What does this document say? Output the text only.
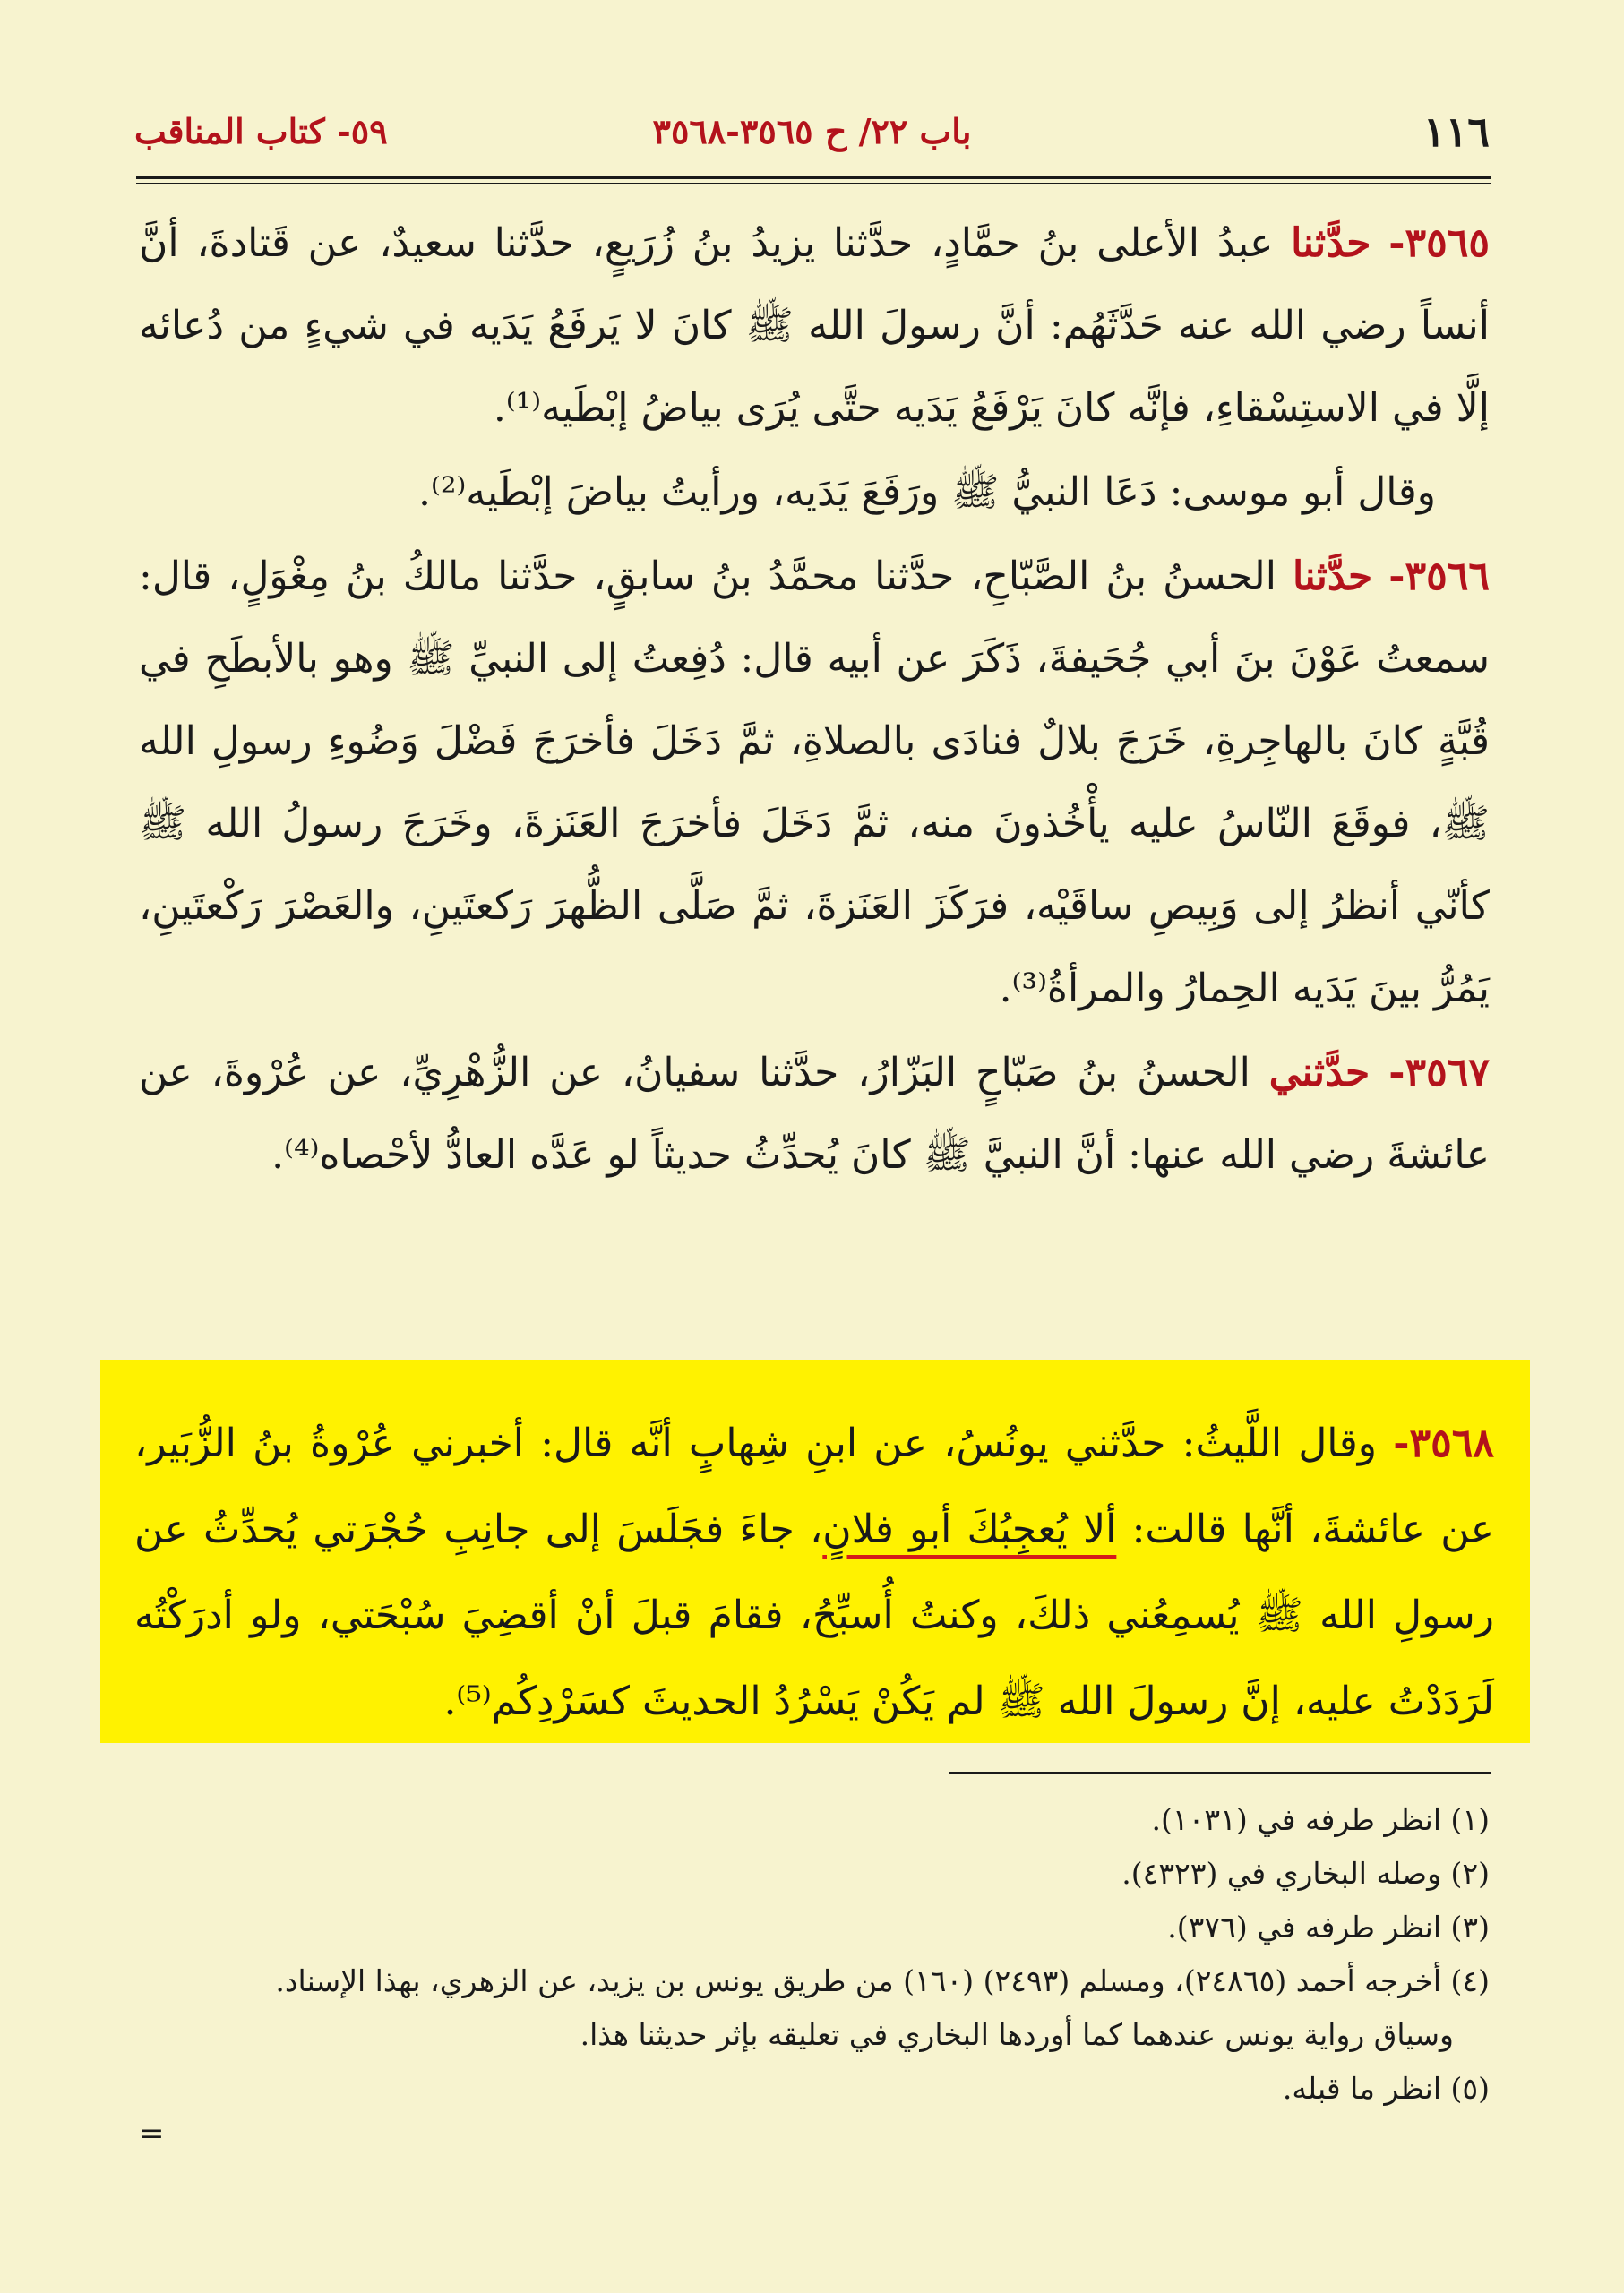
١١٦
باب ٢٢/ ح ٣٥٦٥-٣٥٦٨
٥٩- كتاب المناقب

٣٥٦٥- حدَّثنا عبدُ الأعلى بنُ حمَّادٍ، حدَّثنا يزيدُ بنُ زُرَيعٍ، حدَّثنا سعيدٌ، عن قَتادةَ، أنَّ أنساً رضي الله عنه حَدَّثَهُم: أنَّ رسولَ الله ﷺ كانَ لا يَرفَعُ يَدَيه في شيءٍ من دُعائه إلَّا في الاستِسْقاءِ، فإنَّه كانَ يَرْفَعُ يَدَيه حتَّى يُرَى بياضُ إبْطَيه⁽¹⁾.

وقال أبو موسى: دَعَا النبيُّ ﷺ ورَفَعَ يَدَيه، ورأيتُ بياضَ إبْطَيه⁽²⁾.

٣٥٦٦- حدَّثنا الحسنُ بنُ الصَّبّاحِ، حدَّثنا محمَّدُ بنُ سابقٍ، حدَّثنا مالكُ بنُ مِغْوَلٍ، قال: سمعتُ عَوْنَ بنَ أبي جُحَيفةَ، ذَكَرَ عن أبيه قال: دُفِعتُ إلى النبيِّ ﷺ وهو بالأبطَحِ في قُبَّةٍ كانَ بالهاجِرةِ، خَرَجَ بلالٌ فنادَى بالصلاةِ، ثمَّ دَخَلَ فأخرَجَ فَضْلَ وَضُوءِ رسولِ الله ﷺ، فوقَعَ النّاسُ عليه يأْخُذونَ منه، ثمَّ دَخَلَ فأخرَجَ العَنَزةَ، وخَرَجَ رسولُ الله ﷺ كأنّي أنظرُ إلى وَبِيصِ ساقَيْه، فرَكَزَ العَنَزةَ، ثمَّ صَلَّى الظُّهرَ رَكعتَينِ، والعَصْرَ رَكْعتَينِ، يَمُرُّ بينَ يَدَيه الحِمارُ والمرأةُ⁽³⁾.

٣٥٦٧- حدَّثني الحسنُ بنُ صَبّاحٍ البَزّارُ، حدَّثنا سفيانُ، عن الزُّهْرِيِّ، عن عُرْوةَ، عن عائشةَ رضي الله عنها: أنَّ النبيَّ ﷺ كانَ يُحدِّثُ حديثاً لو عَدَّه العادُّ لأحْصاه⁽⁴⁾.

٣٥٦٨- وقال اللَّيثُ: حدَّثني يونُسُ، عن ابنِ شِهابٍ أنَّه قال: أخبرني عُرْوةُ بنُ الزُّبَير، عن عائشةَ، أنَّها قالت: ألا يُعجِبُكَ أبو فلانٍ، جاءَ فجَلَسَ إلى جانِبِ حُجْرَتي يُحدِّثُ عن رسولِ الله ﷺ يُسمِعُني ذلكَ، وكنتُ أُسبِّحُ، فقامَ قبلَ أنْ أقضِيَ سُبْحَتي، ولو أدرَكْتُه لَرَدَدْتُ عليه، إنَّ رسولَ الله ﷺ لم يَكُنْ يَسْرُدُ الحديثَ كسَرْدِكُم⁽⁵⁾.

(١) انظر طرفه في (١٠٣١).

(٢) وصله البخاري في (٤٣٢٣).

(٣) انظر طرفه في (٣٧٦).

(٤) أخرجه أحمد (٢٤٨٦٥)، ومسلم (٢٤٩٣) (١٦٠) من طريق يونس بن يزيد، عن الزهري، بهذا الإسناد.

وسياق رواية يونس عندهما كما أوردها البخاري في تعليقه بإثر حديثنا هذا.

(٥) انظر ما قبله.

=
